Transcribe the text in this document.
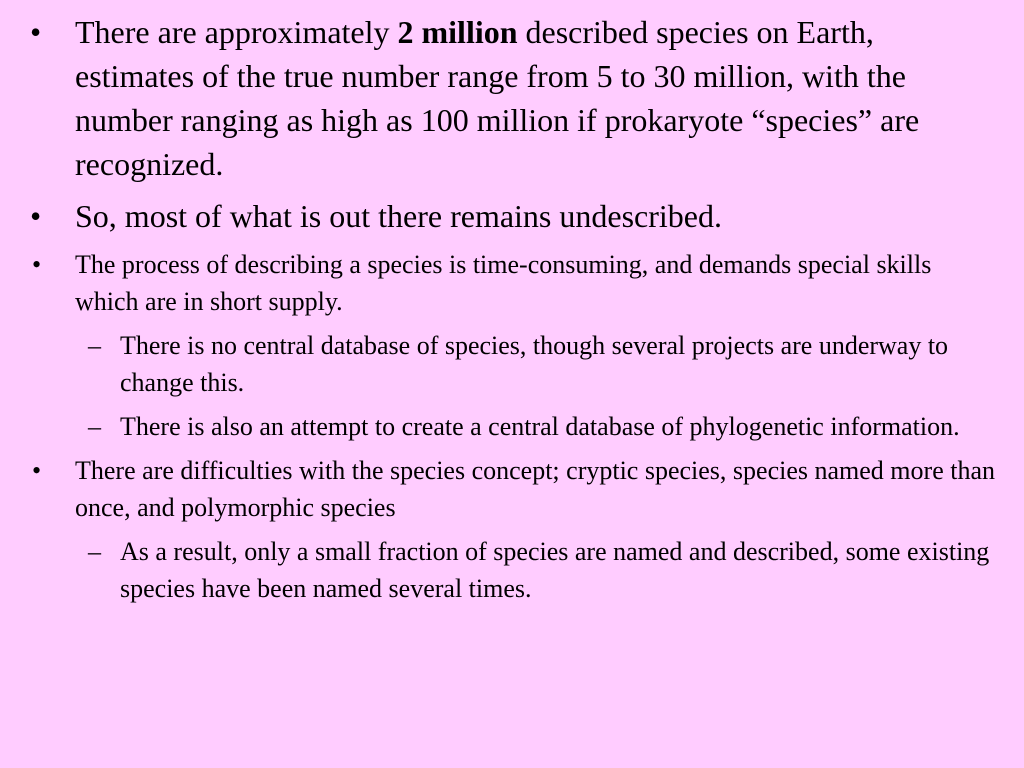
• There are approximately 2 million described species on Earth, estimates of the true number range from 5 to 30 million, with the number ranging as high as 100 million if prokaryote “species” are recognized.
• So, most of what is out there remains undescribed.
• The process of describing a species is time-consuming, and demands special skills which are in short supply.
– There is no central database of species, though several projects are underway to change this.
– There is also an attempt to create a central database of phylogenetic information.
• There are difficulties with the species concept; cryptic species, species named more than once, and polymorphic species
– As a result, only a small fraction of species are named and described, some existing species have been named several times.
